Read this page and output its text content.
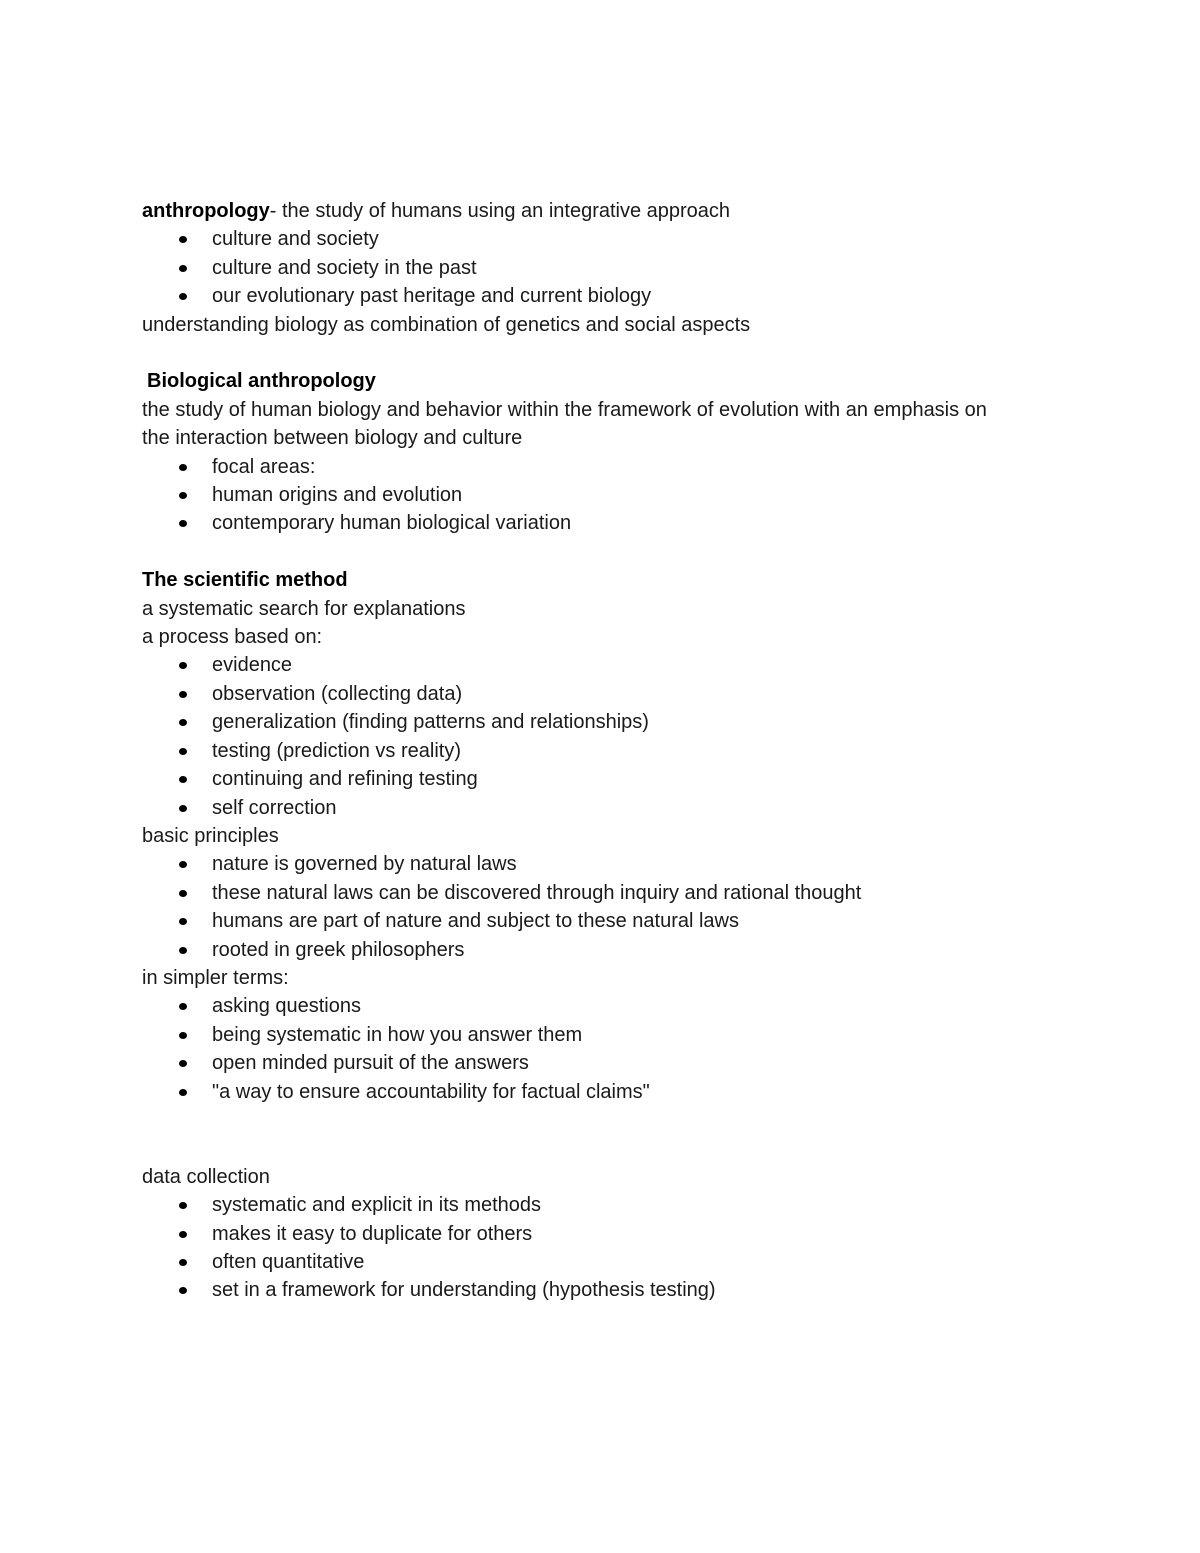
anthropology- the study of humans using an integrative approach

culture and society
culture and society in the past
our evolutionary past heritage and current biology

understanding biology as combination of genetics and social aspects

Biological anthropology

the study of human biology and behavior within the framework of evolution with an emphasis on

the interaction between biology and culture

focal areas:
human origins and evolution
contemporary human biological variation

The scientific method

a systematic search for explanations

a process based on:

evidence
observation (collecting data)
generalization (finding patterns and relationships)
testing (prediction vs reality)
continuing and refining testing
self correction

basic principles

nature is governed by natural laws
these natural laws can be discovered through inquiry and rational thought
humans are part of nature and subject to these natural laws
rooted in greek philosophers

in simpler terms:

asking questions
being systematic in how you answer them
open minded pursuit of the answers
"a way to ensure accountability for factual claims"

data collection

systematic and explicit in its methods
makes it easy to duplicate for others
often quantitative
set in a framework for understanding (hypothesis testing)
